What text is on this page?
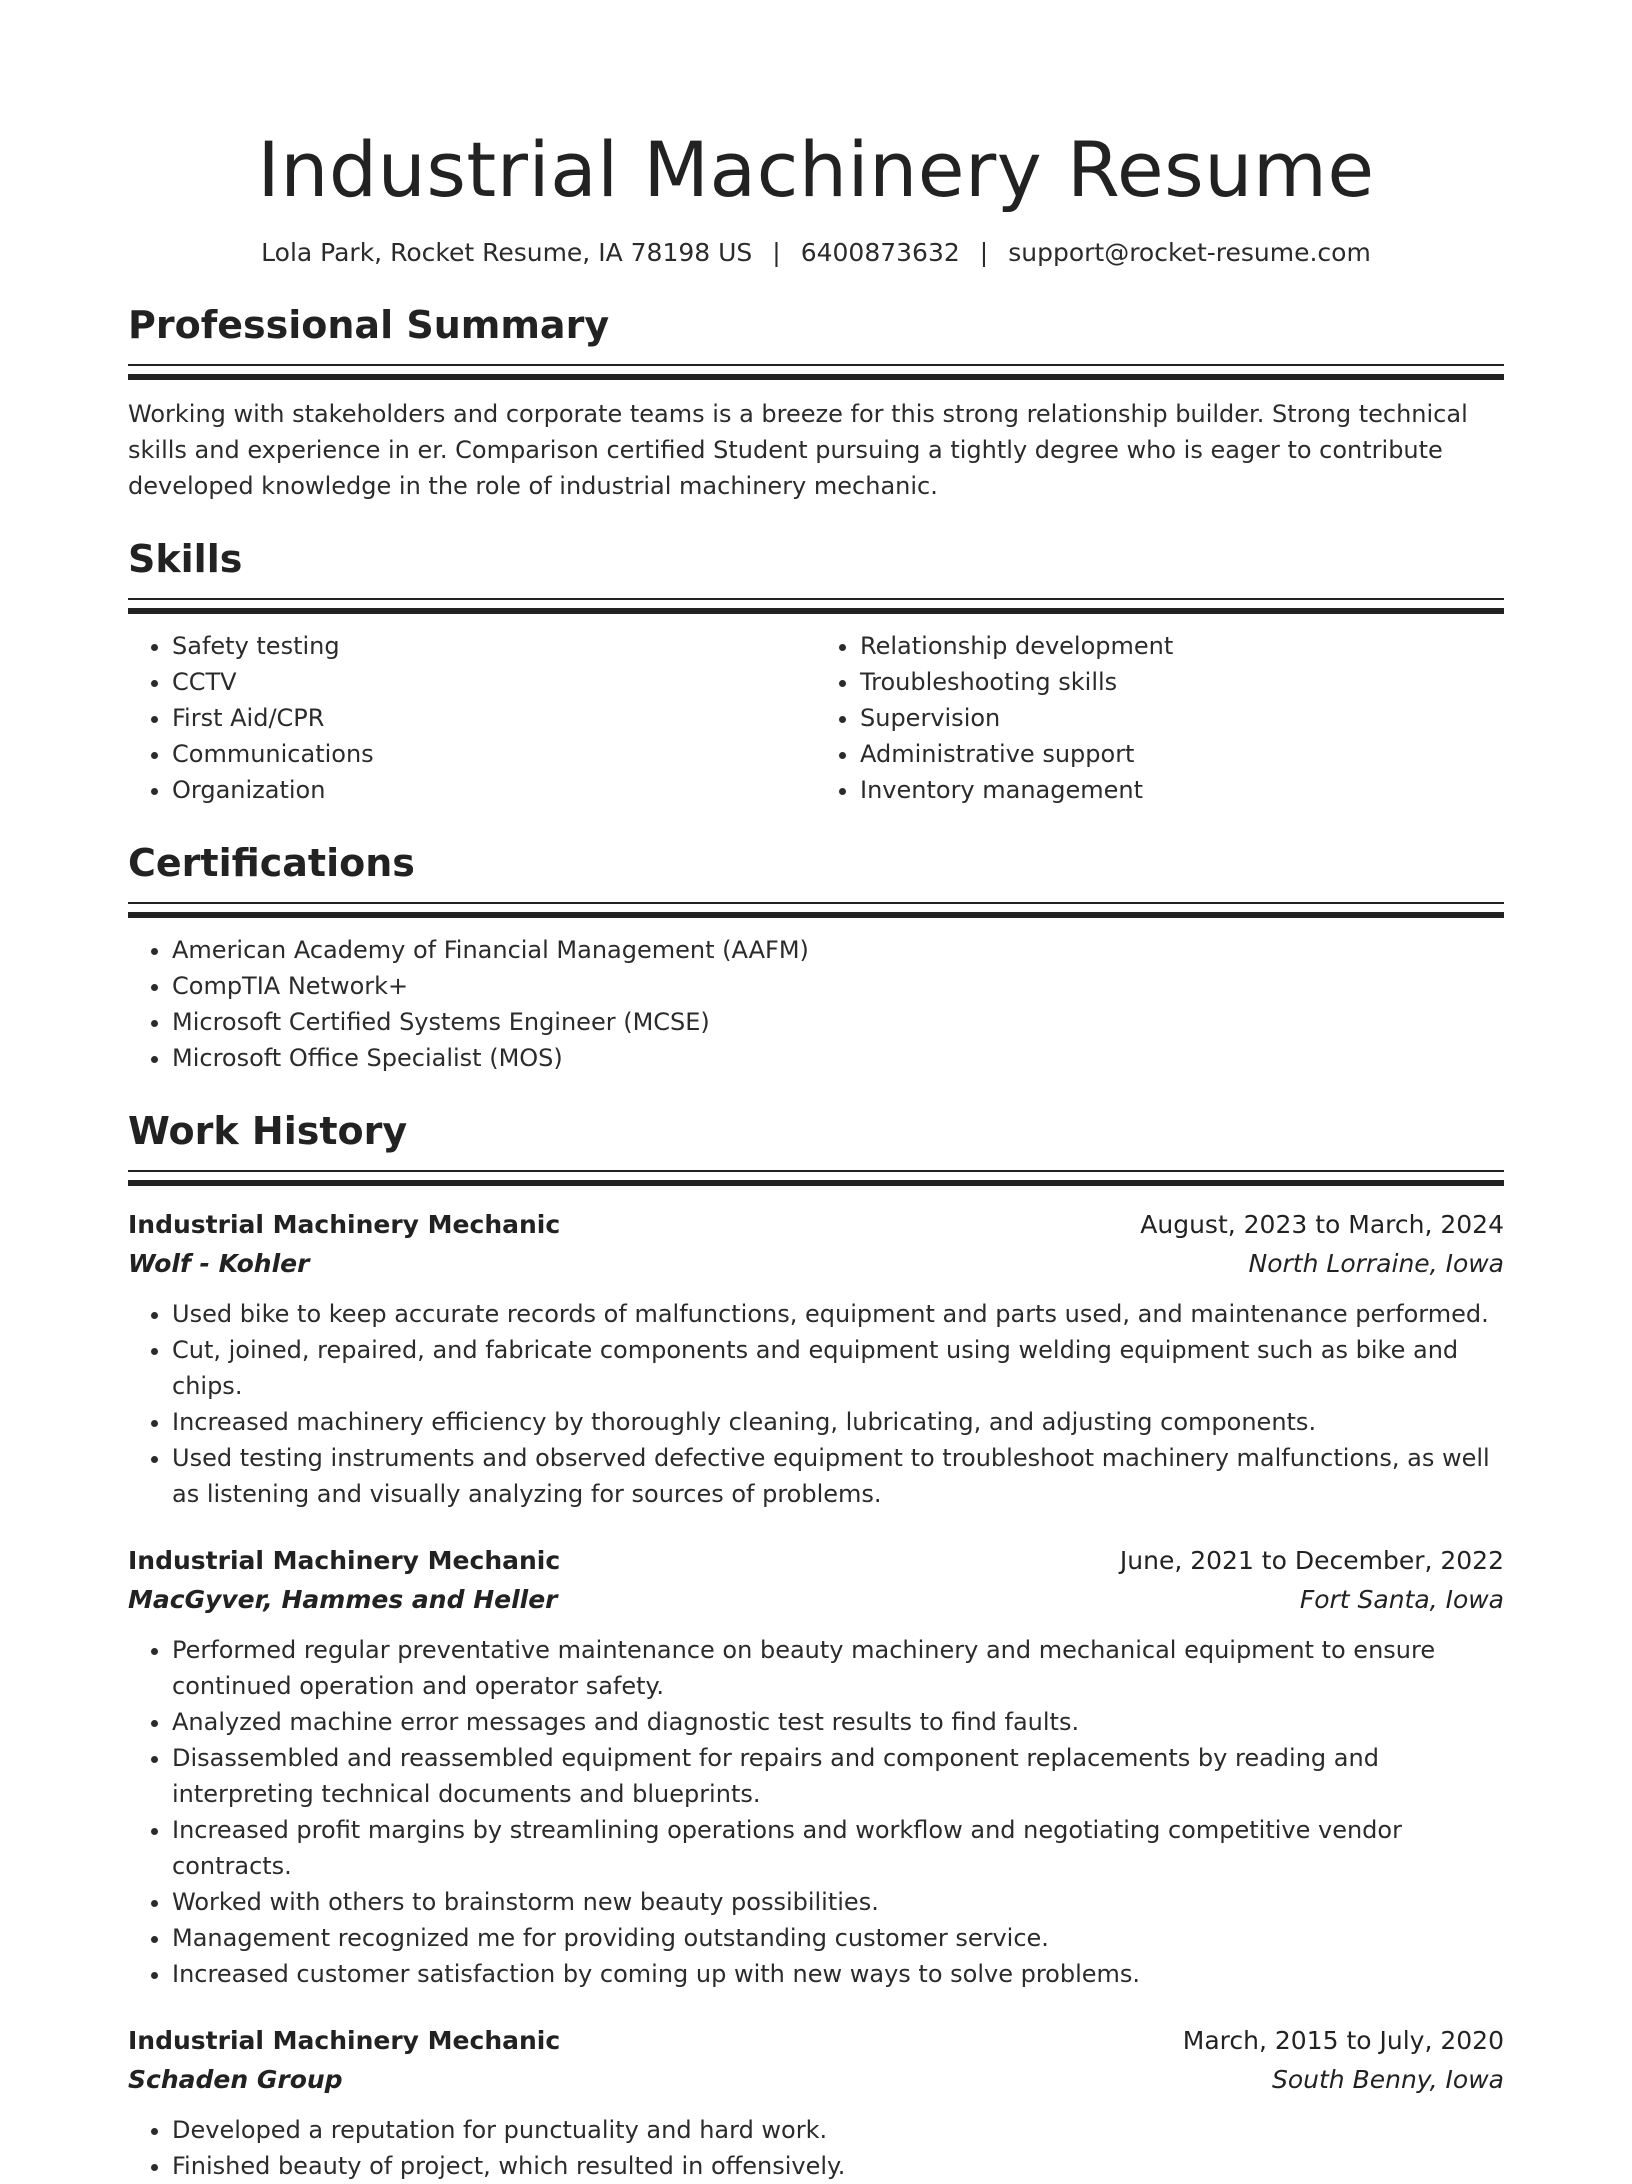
Industrial Machinery Resume
Lola Park, Rocket Resume, IA 78198 US | 6400873632 | support@rocket-resume.com
Professional Summary

Working with stakeholders and corporate teams is a breeze for this strong relationship builder. Strong technical skills and experience in er. Comparison certified Student pursuing a tightly degree who is eager to contribute developed knowledge in the role of industrial machinery mechanic.

Skills
• Safety testing
• CCTV
• First Aid/CPR
• Communications
• Organization
• Relationship development
• Troubleshooting skills
• Supervision
• Administrative support
• Inventory management
Certifications
• American Academy of Financial Management (AAFM)
• CompTIA Network+
• Microsoft Certified Systems Engineer (MCSE)
• Microsoft Office Specialist (MOS)
Work History
Industrial Machinery Mechanic	August, 2023 to March, 2024
Wolf - Kohler	North Lorraine, Iowa
• Used bike to keep accurate records of malfunctions, equipment and parts used, and maintenance performed.
• Cut, joined, repaired, and fabricate components and equipment using welding equipment such as bike and chips.
• Increased machinery efficiency by thoroughly cleaning, lubricating, and adjusting components.
• Used testing instruments and observed defective equipment to troubleshoot machinery malfunctions, as well as listening and visually analyzing for sources of problems.
Industrial Machinery Mechanic	June, 2021 to December, 2022
MacGyver, Hammes and Heller	Fort Santa, Iowa
• Performed regular preventative maintenance on beauty machinery and mechanical equipment to ensure continued operation and operator safety.
• Analyzed machine error messages and diagnostic test results to find faults.
• Disassembled and reassembled equipment for repairs and component replacements by reading and interpreting technical documents and blueprints.
• Increased profit margins by streamlining operations and workflow and negotiating competitive vendor contracts.
• Worked with others to brainstorm new beauty possibilities.
• Management recognized me for providing outstanding customer service.
• Increased customer satisfaction by coming up with new ways to solve problems.
Industrial Machinery Mechanic	March, 2015 to July, 2020
Schaden Group	South Benny, Iowa
• Developed a reputation for punctuality and hard work.
• Finished beauty of project, which resulted in offensively.
